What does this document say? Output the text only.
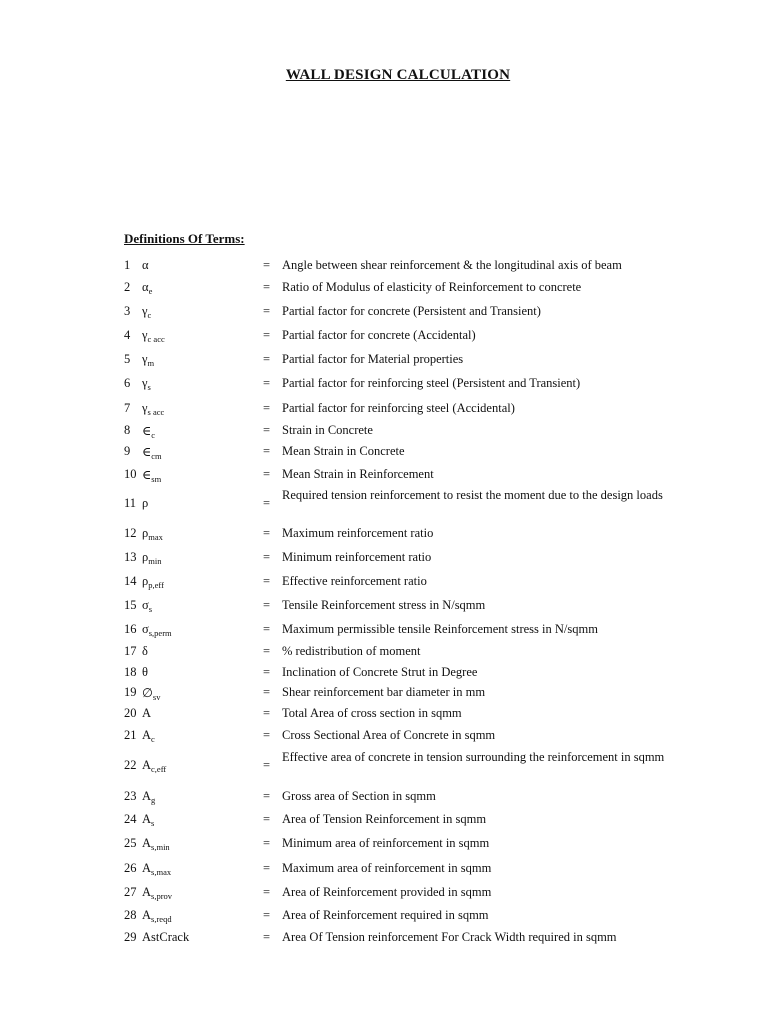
WALL DESIGN CALCULATION
Definitions Of Terms:
1 α	= Angle between shear reinforcement & the longitudinal axis of beam
2 $\alpha_e$	= Ratio of Modulus of elasticity of Reinforcement to concrete
3 $\gamma_c$	= Partial factor for concrete (Persistent and Transient)
4 $\gamma_{c acc}$	= Partial factor for concrete (Accidental)
5 $\gamma_m$	= Partial factor for Material properties
6 $\gamma_s$	= Partial factor for reinforcing steel (Persistent and Transient)
7 $\gamma_{s acc}$	= Partial factor for reinforcing steel (Accidental)
8 $\in_c$	= Strain in Concrete
9 $\in_{cm}$	= Mean Strain in Concrete
10 $\in_{sm}$	= Mean Strain in Reinforcement
11 ρ	=
Required tension reinforcement to resist the moment due to the design loads
12 $\rho_{max}$	= Maximum reinforcement ratio
13 $\rho_{min}$	= Minimum reinforcement ratio
14 $\rho_{p,eff}$	= Effective reinforcement ratio
15 $\sigma_s$	= Tensile Reinforcement stress in N/sqmm
16 $\sigma_{s,perm}$	= Maximum permissible tensile Reinforcement stress in N/sqmm
17 δ	= % redistribution of moment
18 θ	= Inclination of Concrete Strut in Degree
19 $\emptyset_{sv}$	= Shear reinforcement bar diameter in mm
20 A	= Total Area of cross section in sqmm
21 $A_c$	= Cross Sectional Area of Concrete in sqmm
22 $A_{c,eff}$	=
Effective area of concrete in tension surrounding the reinforcement in sqmm
23 $A_g$	= Gross area of Section in sqmm
24 $A_s$	= Area of Tension Reinforcement in sqmm
25 $A_{s,min}$	= Minimum area of reinforcement in sqmm
26 $A_{s,max}$	= Maximum area of reinforcement in sqmm
27 $A_{s,prov}$	= Area of Reinforcement provided in sqmm
28 $A_{s,reqd}$	= Area of Reinforcement required in sqmm
29 AstCrack	= Area Of Tension reinforcement For Crack Width required in sqmm
